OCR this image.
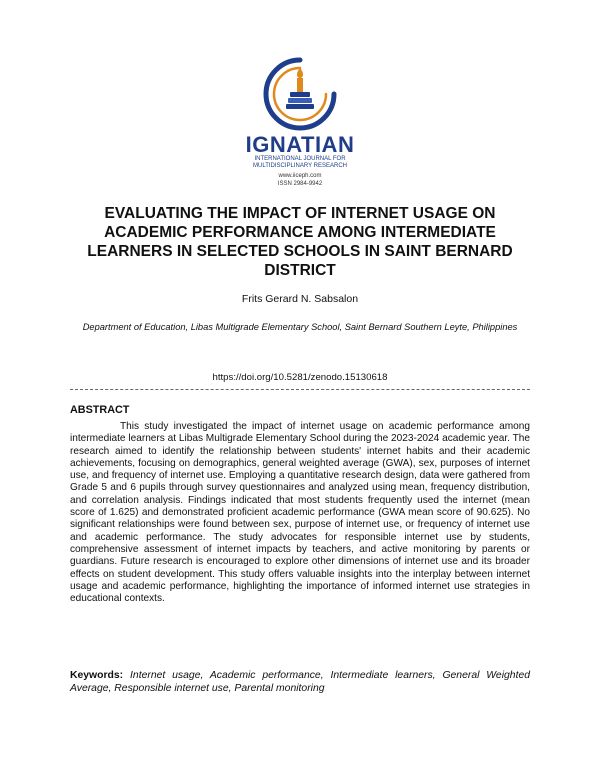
IGNATIAN
INTERNATIONAL JOURNAL FOR MULTIDISCIPLINARY RESEARCH
www.iiceph.com
ISSN 2984-9942
EVALUATING THE IMPACT OF INTERNET USAGE ON ACADEMIC PERFORMANCE AMONG INTERMEDIATE LEARNERS IN SELECTED SCHOOLS IN SAINT BERNARD DISTRICT
Frits Gerard N. Sabsalon
Department of Education, Libas Multigrade Elementary School, Saint Bernard Southern Leyte, Philippines
https://doi.org/10.5281/zenodo.15130618
ABSTRACT
This study investigated the impact of internet usage on academic performance among intermediate learners at Libas Multigrade Elementary School during the 2023-2024 academic year. The research aimed to identify the relationship between students' internet habits and their academic achievements, focusing on demographics, general weighted average (GWA), sex, purposes of internet use, and frequency of internet use. Employing a quantitative research design, data were gathered from Grade 5 and 6 pupils through survey questionnaires and analyzed using mean, frequency distribution, and correlation analysis. Findings indicated that most students frequently used the internet (mean score of 1.625) and demonstrated proficient academic performance (GWA mean score of 90.625). No significant relationships were found between sex, purpose of internet use, or frequency of internet use and academic performance. The study advocates for responsible internet use by students, comprehensive assessment of internet impacts by teachers, and active monitoring by parents or guardians. Future research is encouraged to explore other dimensions of internet use and its broader effects on student development. This study offers valuable insights into the interplay between internet usage and academic performance, highlighting the importance of informed internet use strategies in educational contexts.
Keywords: Internet usage, Academic performance, Intermediate learners, General Weighted Average, Responsible internet use, Parental monitoring
